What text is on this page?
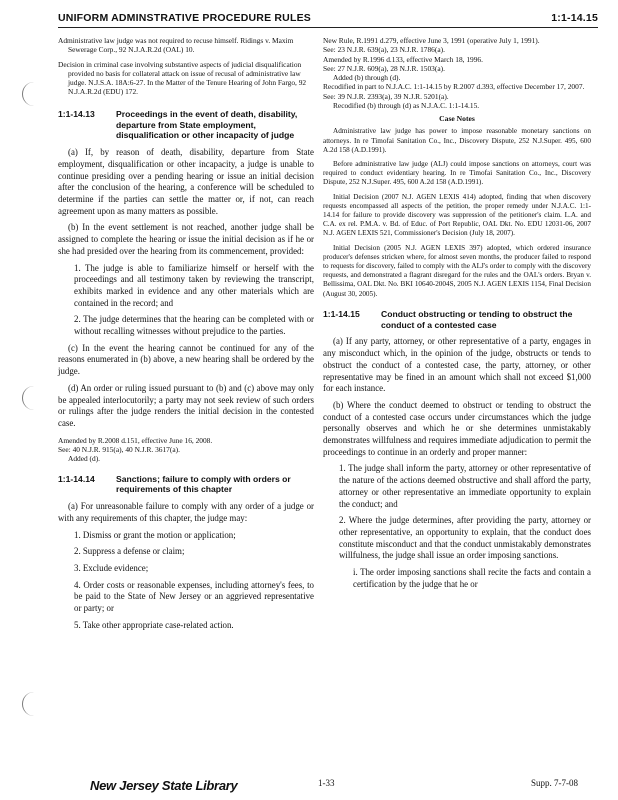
UNIFORM ADMINSTRATIVE PROCEDURE RULES	1:1-14.15

Administrative law judge was not required to recuse himself. Ridings v. Maxim Sewerage Corp., 92 N.J.A.R.2d (OAL) 10.

Decision in criminal case involving substantive aspects of judicial disqualification provided no basis for collateral attack on issue of recusal of administrative law judge. N.J.S.A. 18A:6-27. In the Matter of the Tenure Hearing of John Fargo, 92 N.J.A.R.2d (EDU) 172.

1:1-14.13 Proceedings in the event of death, disability, departure from State employment, disqualification or other incapacity of judge

(a) If, by reason of death, disability, departure from State employment, disqualification or other incapacity, a judge is unable to continue presiding over a pending hearing or issue an initial decision after the conclusion of the hearing, a conference will be scheduled to determine if the parties can settle the matter or, if not, can reach agreement upon as many matters as possible.

(b) In the event settlement is not reached, another judge shall be assigned to complete the hearing or issue the initial decision as if he or she had presided over the hearing from its commencement, provided:

1. The judge is able to familiarize himself or herself with the proceedings and all testimony taken by reviewing the transcript, exhibits marked in evidence and any other materials which are contained in the record; and

2. The judge determines that the hearing can be completed with or without recalling witnesses without prejudice to the parties.

(c) In the event the hearing cannot be continued for any of the reasons enumerated in (b) above, a new hearing shall be ordered by the judge.

(d) An order or ruling issued pursuant to (b) and (c) above may only be appealed interlocutorily; a party may not seek review of such orders or rulings after the judge renders the initial decision in the contested case.

Amended by R.2008 d.151, effective June 16, 2008.

See: 40 N.J.R. 915(a), 40 N.J.R. 3617(a).

Added (d).

1:1-14.14 Sanctions; failure to comply with orders or requirements of this chapter

(a) For unreasonable failure to comply with any order of a judge or with any requirements of this chapter, the judge may:

1. Dismiss or grant the motion or application;

2. Suppress a defense or claim;

3. Exclude evidence;

4. Order costs or reasonable expenses, including attorney's fees, to be paid to the State of New Jersey or an aggrieved representative or party; or

5. Take other appropriate case-related action.

New Rule, R.1991 d.279, effective June 3, 1991 (operative July 1, 1991).

See: 23 N.J.R. 639(a), 23 N.J.R. 1786(a).

Amended by R.1996 d.133, effective March 18, 1996.

See: 27 N.J.R. 609(a), 28 N.J.R. 1503(a).

Added (b) through (d).

Recodified in part to N.J.A.C. 1:1-14.15 by R.2007 d.393, effective December 17, 2007.

See: 39 N.J.R. 2393(a), 39 N.J.R. 5201(a).

Recodified (b) through (d) as N.J.A.C. 1:1-14.15.

Case Notes

Administrative law judge has power to impose reasonable monetary sanctions on attorneys. In re Timofai Sanitation Co., Inc., Discovery Dispute, 252 N.J.Super. 495, 600 A.2d 158 (A.D.1991).

Before administrative law judge (ALJ) could impose sanctions on attorneys, court was required to conduct evidentiary hearing. In re Timofai Sanitation Co., Inc., Discovery Dispute, 252 N.J.Super. 495, 600 A.2d 158 (A.D.1991).

Initial Decision (2007 N.J. AGEN LEXIS 414) adopted, finding that when discovery requests encompassed all aspects of the petition, the proper remedy under N.J.A.C. 1:1-14.14 for failure to provide discovery was suppression of the petitioner's claim. L.A. and C.A. ex rel. P.M.A. v. Bd. of Educ. of Port Republic, OAL Dkt. No. EDU 12031-06, 2007 N.J. AGEN LEXIS 521, Commissioner's Decision (July 18, 2007).

Initial Decision (2005 N.J. AGEN LEXIS 397) adopted, which ordered insurance producer's defenses stricken where, for almost seven months, the producer failed to respond to requests for discovery, failed to comply with the ALJ's order to comply with the discovery requests, and demonstrated a flagrant disregard for the rules and the OAL's orders. Bryan v. Bellissima, OAL Dkt. No. BKI 10640-2004S, 2005 N.J. AGEN LEXIS 1154, Final Decision (August 30, 2005).

1:1-14.15 Conduct obstructing or tending to obstruct the conduct of a contested case

(a) If any party, attorney, or other representative of a party, engages in any misconduct which, in the opinion of the judge, obstructs or tends to obstruct the conduct of a contested case, the party, attorney, or other representative may be fined in an amount which shall not exceed $1,000 for each instance.

(b) Where the conduct deemed to obstruct or tending to obstruct the conduct of a contested case occurs under circumstances which the judge personally observes and which he or she determines unmistakably demonstrates willfulness and requires immediate adjudication to permit the proceedings to continue in an orderly and proper manner:

1. The judge shall inform the party, attorney or other representative of the nature of the actions deemed obstructive and shall afford the party, attorney or other representative an immediate opportunity to explain the conduct; and

2. Where the judge determines, after providing the party, attorney or other representative, an opportunity to explain, that the conduct does constitute misconduct and that the conduct unmistakably demonstrates willfulness, the judge shall issue an order imposing sanctions.

i. The order imposing sanctions shall recite the facts and contain a certification by the judge that he or

New Jersey State Library	1-33	Supp. 7-7-08
